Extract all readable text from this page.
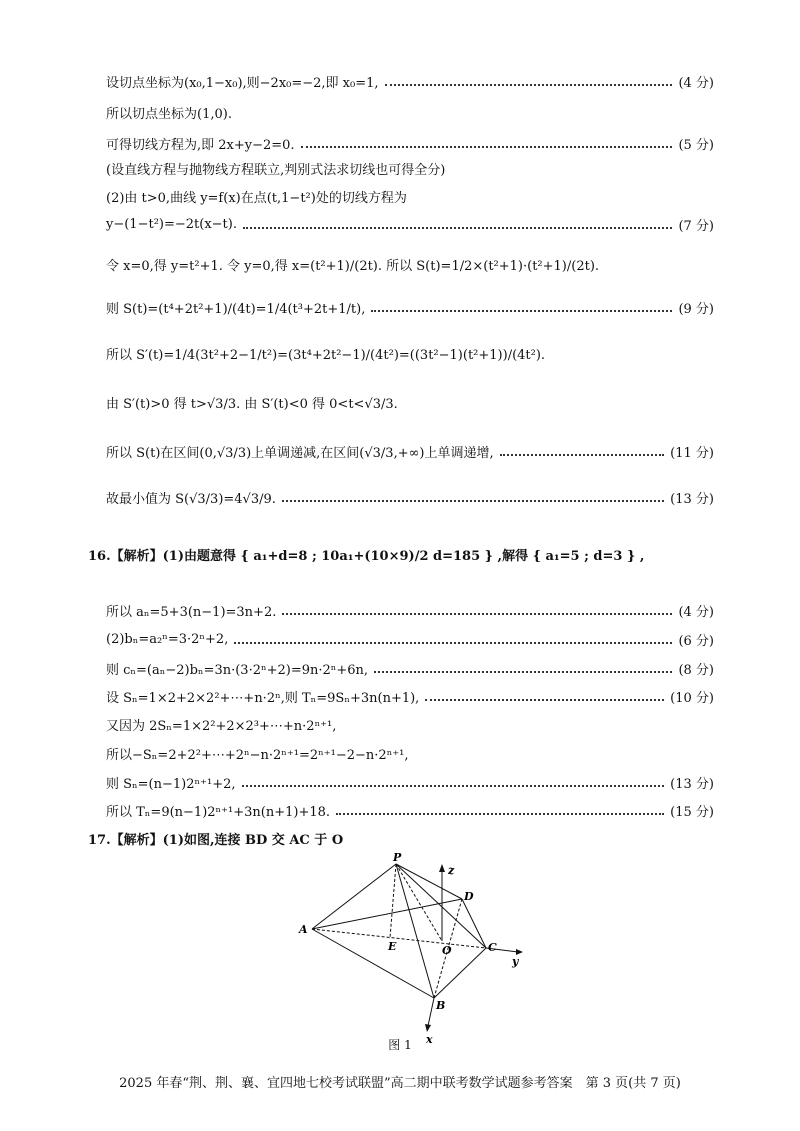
设切点坐标为(x₀,1−x₀),则−2x₀=−2,即 x₀=1,	(4 分)
所以切点坐标为(1,0).
可得切线方程为,即 2x+y−2=0.	(5 分)
(设直线方程与抛物线方程联立,判别式法求切线也可得全分)
(2)由 t>0,曲线 y=f(x)在点(t,1−t²)处的切线方程为
y−(1−t²)=−2t(x−t).	(7 分)
令 x=0,得 y=t²+1. 令 y=0,得 x=(t²+1)/(2t). 所以 S(t)=1/2×(t²+1)·(t²+1)/(2t).
则 S(t)=(t⁴+2t²+1)/(4t)=1/4(t³+2t+1/t),	(9 分)
所以 S′(t)=1/4(3t²+2−1/t²)=(3t⁴+2t²−1)/(4t²)=((3t²−1)(t²+1))/(4t²).
由 S′(t)>0 得 t>√3/3. 由 S′(t)<0 得 0<t<√3/3.
所以 S(t)在区间(0,√3/3)上单调递减,在区间(√3/3,+∞)上单调递增,	(11 分)
故最小值为 S(√3/3)=4√3/9.	(13 分)
16.【解析】(1)由题意得 { a₁+d=8 ; 10a₁+(10×9)/2 d=185 } ,解得 { a₁=5 ; d=3 } ,
所以 aₙ=5+3(n−1)=3n+2.	(4 分)
(2)bₙ=a₂ⁿ=3·2ⁿ+2,	(6 分)
则 cₙ=(aₙ−2)bₙ=3n·(3·2ⁿ+2)=9n·2ⁿ+6n,	(8 分)
设 Sₙ=1×2+2×2²+⋯+n·2ⁿ,则 Tₙ=9Sₙ+3n(n+1),	(10 分)
又因为 2Sₙ=1×2²+2×2³+⋯+n·2ⁿ⁺¹,
所以−Sₙ=2+2²+⋯+2ⁿ−n·2ⁿ⁺¹=2ⁿ⁺¹−2−n·2ⁿ⁺¹,
则 Sₙ=(n−1)2ⁿ⁺¹+2,	(13 分)
所以 Tₙ=9(n−1)2ⁿ⁺¹+3n(n+1)+18.	(15 分)
17.【解析】(1)如图,连接 BD 交 AC 于 O
P
A
B
C
D
E	O
x
y
z
图 1
2025 年春“荆、荆、襄、宜四地七校考试联盟”高二期中联考数学试题参考答案　第 3 页(共 7 页)
